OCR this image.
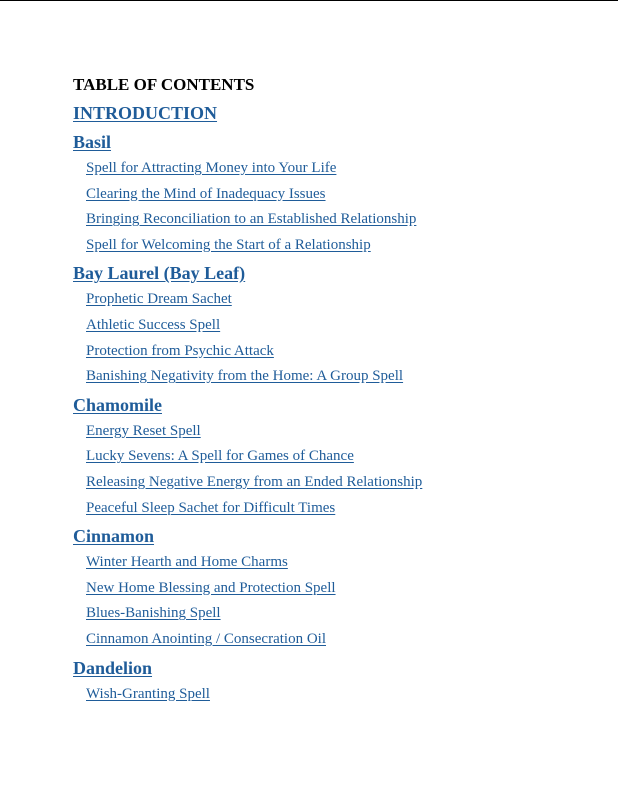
TABLE OF CONTENTS
INTRODUCTION
Basil
Spell for Attracting Money into Your Life
Clearing the Mind of Inadequacy Issues
Bringing Reconciliation to an Established Relationship
Spell for Welcoming the Start of a Relationship
Bay Laurel (Bay Leaf)
Prophetic Dream Sachet
Athletic Success Spell
Protection from Psychic Attack
Banishing Negativity from the Home: A Group Spell
Chamomile
Energy Reset Spell
Lucky Sevens: A Spell for Games of Chance
Releasing Negative Energy from an Ended Relationship
Peaceful Sleep Sachet for Difficult Times
Cinnamon
Winter Hearth and Home Charms
New Home Blessing and Protection Spell
Blues-Banishing Spell
Cinnamon Anointing / Consecration Oil
Dandelion
Wish-Granting Spell
